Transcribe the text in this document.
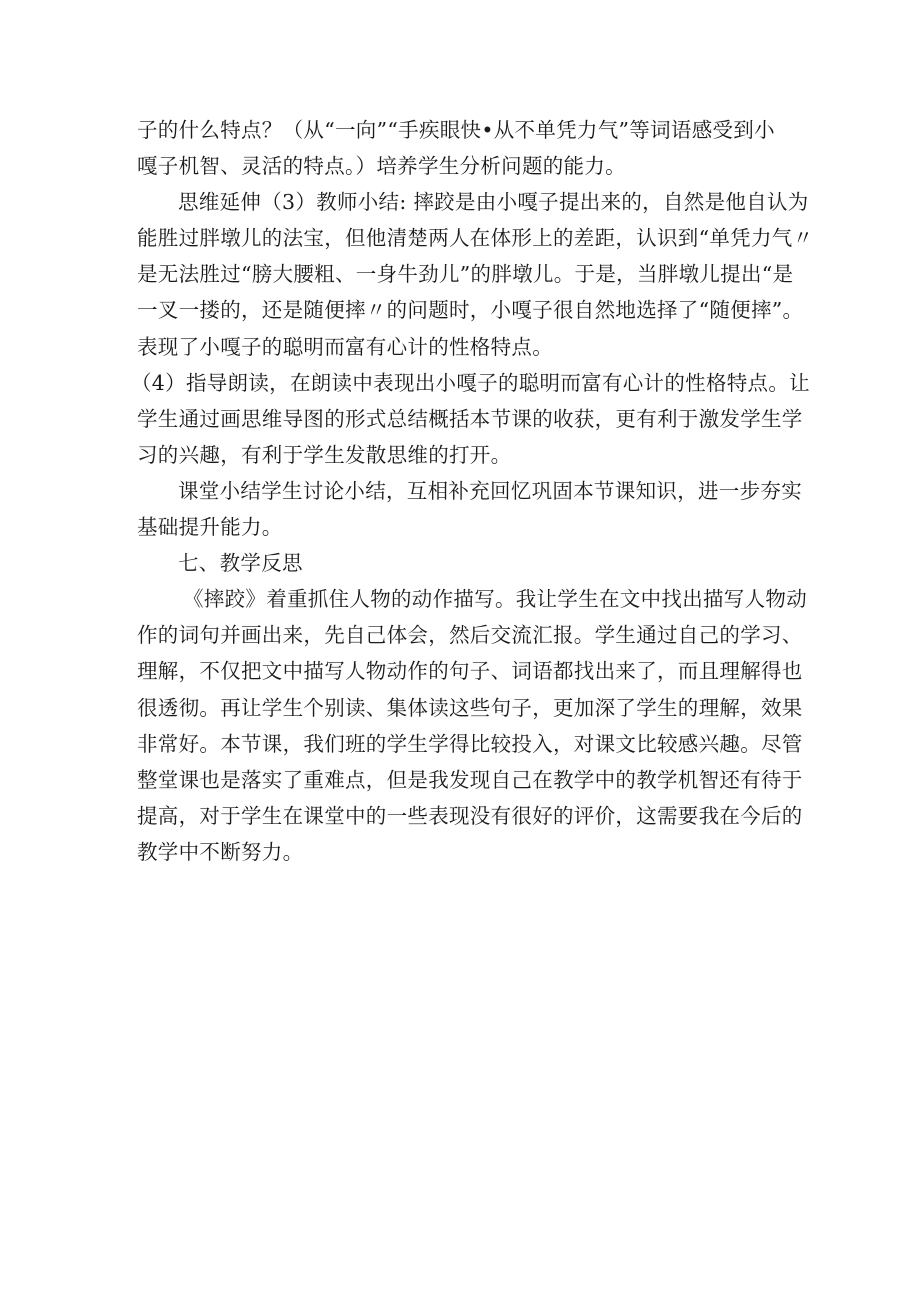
子的什么特点？（从“一向”“手疾眼快•从不单凭力气”等词语感受到小
嘎子机智、灵活的特点。）培养学生分析问题的能力。
思维延伸（3）教师小结: 摔跤是由小嘎子提出来的，自然是他自认为
能胜过胖墩儿的法宝，但他清楚两人在体形上的差距，认识到“单凭力气〃
是无法胜过“膀大腰粗、一身牛劲儿”的胖墩儿。于是，当胖墩儿提出“是
一叉一搂的，还是随便摔〃的问题时，小嘎子很自然地选择了“随便摔”。
表现了小嘎子的聪明而富有心计的性格特点。
（4）指导朗读，在朗读中表现出小嘎子的聪明而富有心计的性格特点。让
学生通过画思维导图的形式总结概括本节课的收获，更有利于激发学生学
习的兴趣，有利于学生发散思维的打开。
课堂小结学生讨论小结，互相补充回忆巩固本节课知识，进一步夯实
基础提升能力。
七、教学反思
《摔跤》着重抓住人物的动作描写。我让学生在文中找出描写人物动
作的词句并画出来，先自己体会，然后交流汇报。学生通过自己的学习、
理解，不仅把文中描写人物动作的句子、词语都找出来了，而且理解得也
很透彻。再让学生个别读、集体读这些句子，更加深了学生的理解，效果
非常好。本节课，我们班的学生学得比较投入，对课文比较感兴趣。尽管
整堂课也是落实了重难点，但是我发现自己在教学中的教学机智还有待于
提高，对于学生在课堂中的一些表现没有很好的评价，这需要我在今后的
教学中不断努力。
